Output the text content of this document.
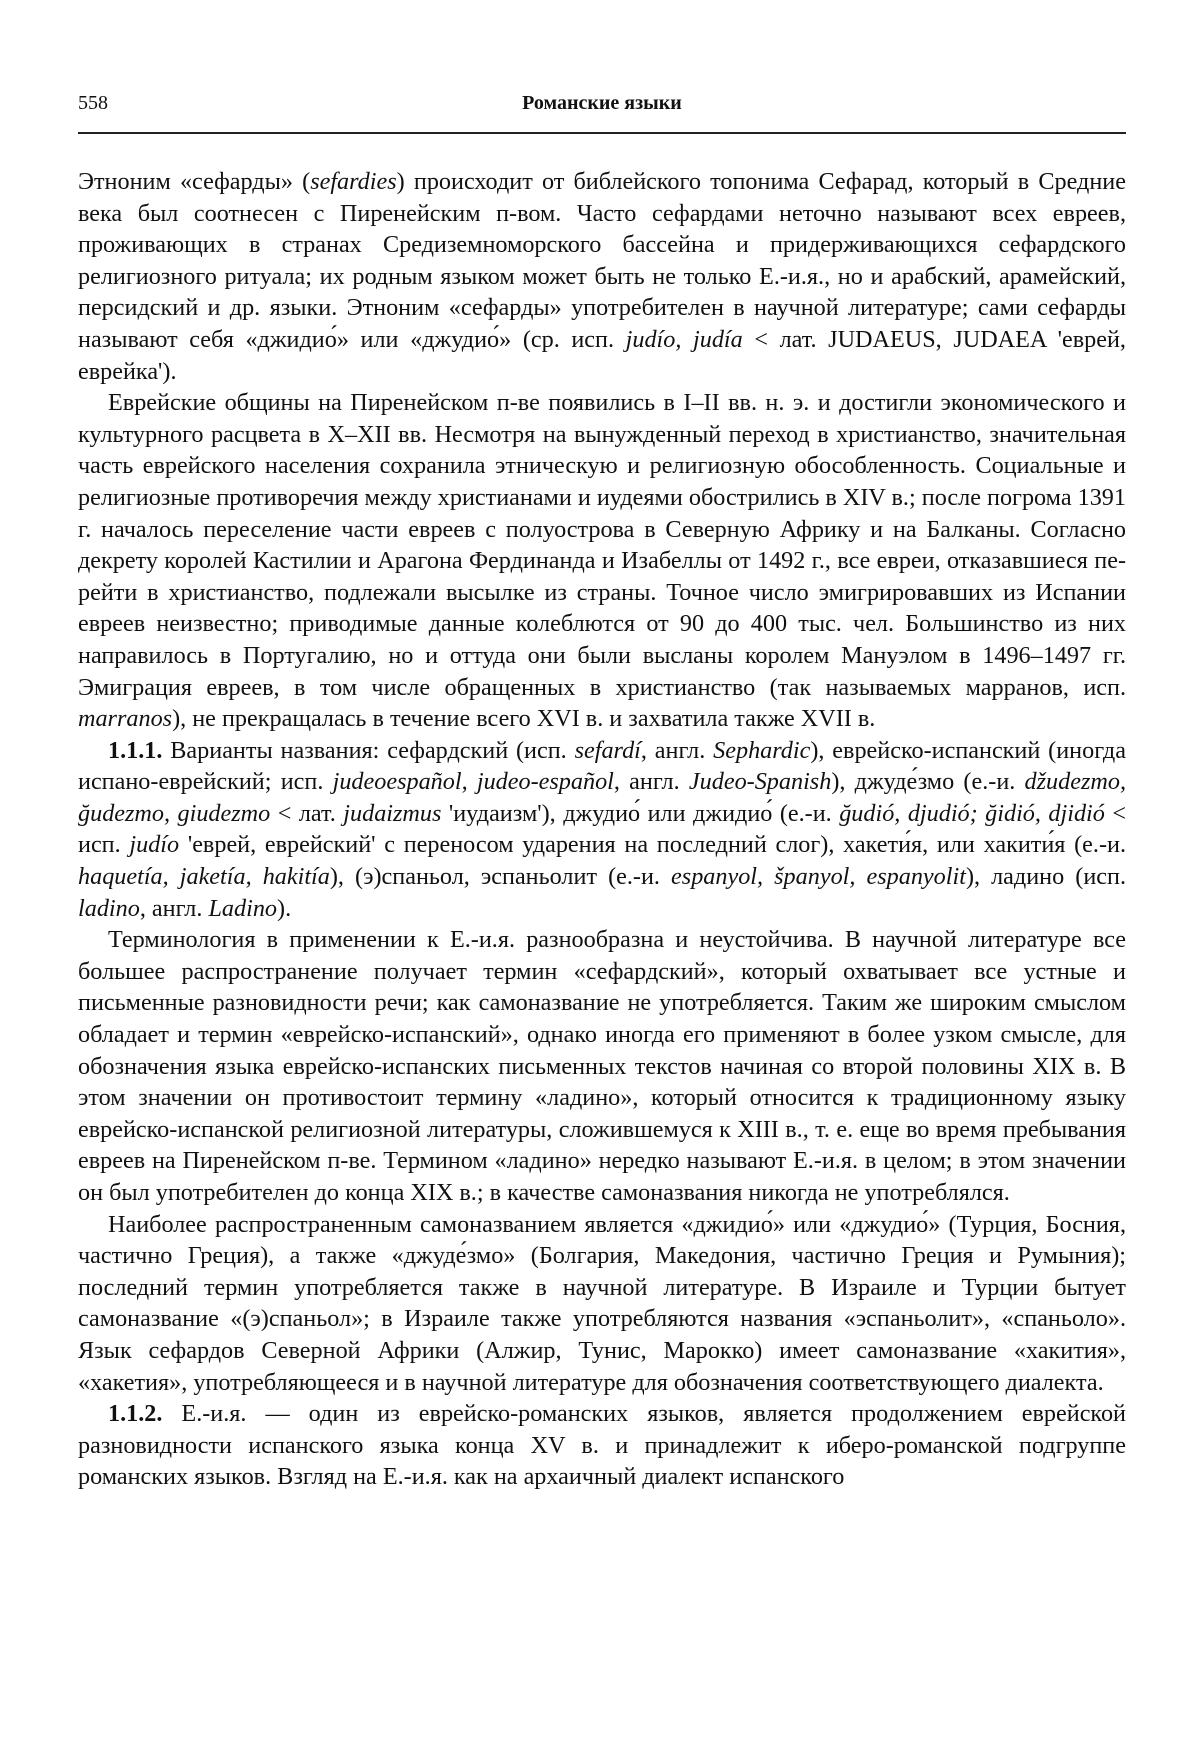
558	Романские языки

Этноним «сефарды» (sefardies) происходит от библейского топонима Сефарад, который в Средние века был соотнесен с Пиренейским п-вом. Часто сефардами неточно называют всех евреев, проживающих в странах Средиземноморского бассейна и придерживающихся сефардского религиозного ритуала; их родным языком может быть не только Е.-и.я., но и арабский, арамейский, персидский и др. языки. Этноним «сефарды» употребителен в научной литературе; сами сефарды называют себя «джидио́» или «джудио́» (ср. исп. judío, judía < лат. JUDAEUS, JUDAEA 'еврей, еврейка').

Еврейские общины на Пиренейском п-ве появились в I–II вв. н. э. и достигли экономического и культурного расцвета в X–XII вв. Несмотря на вынужденный переход в христианство, значительная часть еврейского населения сохранила этническую и религиозную обособленность. Социальные и религиозные противоречия между христианами и иудеями обострились в XIV в.; после погрома 1391 г. началось переселение части евреев с полуострова в Северную Африку и на Балканы. Согласно декрету королей Кастилии и Арагона Фердинанда и Изабеллы от 1492 г., все евреи, отказавшиеся перейти в христианство, подлежали высылке из страны. Точное число эмигрировавших из Испании евреев неизвестно; приводимые данные колеблются от 90 до 400 тыс. чел. Большинство из них направилось в Португалию, но и оттуда они были высланы королем Мануэлом в 1496–1497 гг. Эмиграция евреев, в том числе обращенных в христианство (так называемых марранов, исп. marranos), не прекращалась в течение всего XVI в. и захватила также XVII в.

1.1.1. Варианты названия: сефардский (исп. sefardí, англ. Sephardic), еврейско-испанский (иногда испано-еврейский; исп. judeoespañol, judeo-español, англ. Judeo-Spanish), джуде́змо (е.-и. džudezmo, ğudezmo, giudezmo < лат. judaizmus 'иудаизм'), джудио́ или джидио́ (е.-и. ğudió, djudió; ğidió, djidió < исп. judío 'еврей, еврейский' с переносом ударения на последний слог), хакети́я, или хакити́я (е.-и. haquetía, jaketía, hakitía), (э)спаньол, эспаньолит (е.-и. espanyol, španyol, espanyolit), ладино (исп. ladino, англ. Ladino).

Терминология в применении к Е.-и.я. разнообразна и неустойчива. В научной литературе все большее распространение получает термин «сефардский», который охватывает все устные и письменные разновидности речи; как самоназвание не употребляется. Таким же широким смыслом обладает и термин «еврейско-испанский», однако иногда его применяют в более узком смысле, для обозначения языка еврейско-испанских письменных текстов начиная со второй половины XIX в. В этом значении он противостоит термину «ладино», который относится к традиционному языку еврейско-испанской религиозной литературы, сложившемуся к XIII в., т. е. еще во время пребывания евреев на Пиренейском п-ве. Термином «ладино» нередко называют Е.-и.я. в целом; в этом значении он был употребителен до конца XIX в.; в качестве самоназвания никогда не употреблялся.

Наиболее распространенным самоназванием является «джидио́» или «джудио́» (Турция, Босния, частично Греция), а также «джуде́змо» (Болгария, Македония, частично Греция и Румыния); последний термин употребляется также в научной литературе. В Израиле и Турции бытует самоназвание «(э)спаньол»; в Израиле также употребляются названия «эспаньолит», «спаньоло». Язык сефардов Северной Африки (Алжир, Тунис, Марокко) имеет самоназвание «хакития», «хакетия», употребляющееся и в научной литературе для обозначения соответствующего диалекта.

1.1.2. Е.-и.я. — один из еврейско-романских языков, является продолжением еврейской разновидности испанского языка конца XV в. и принадлежит к иберо-романской подгруппе романских языков. Взгляд на Е.-и.я. как на архаичный диалект испанского
